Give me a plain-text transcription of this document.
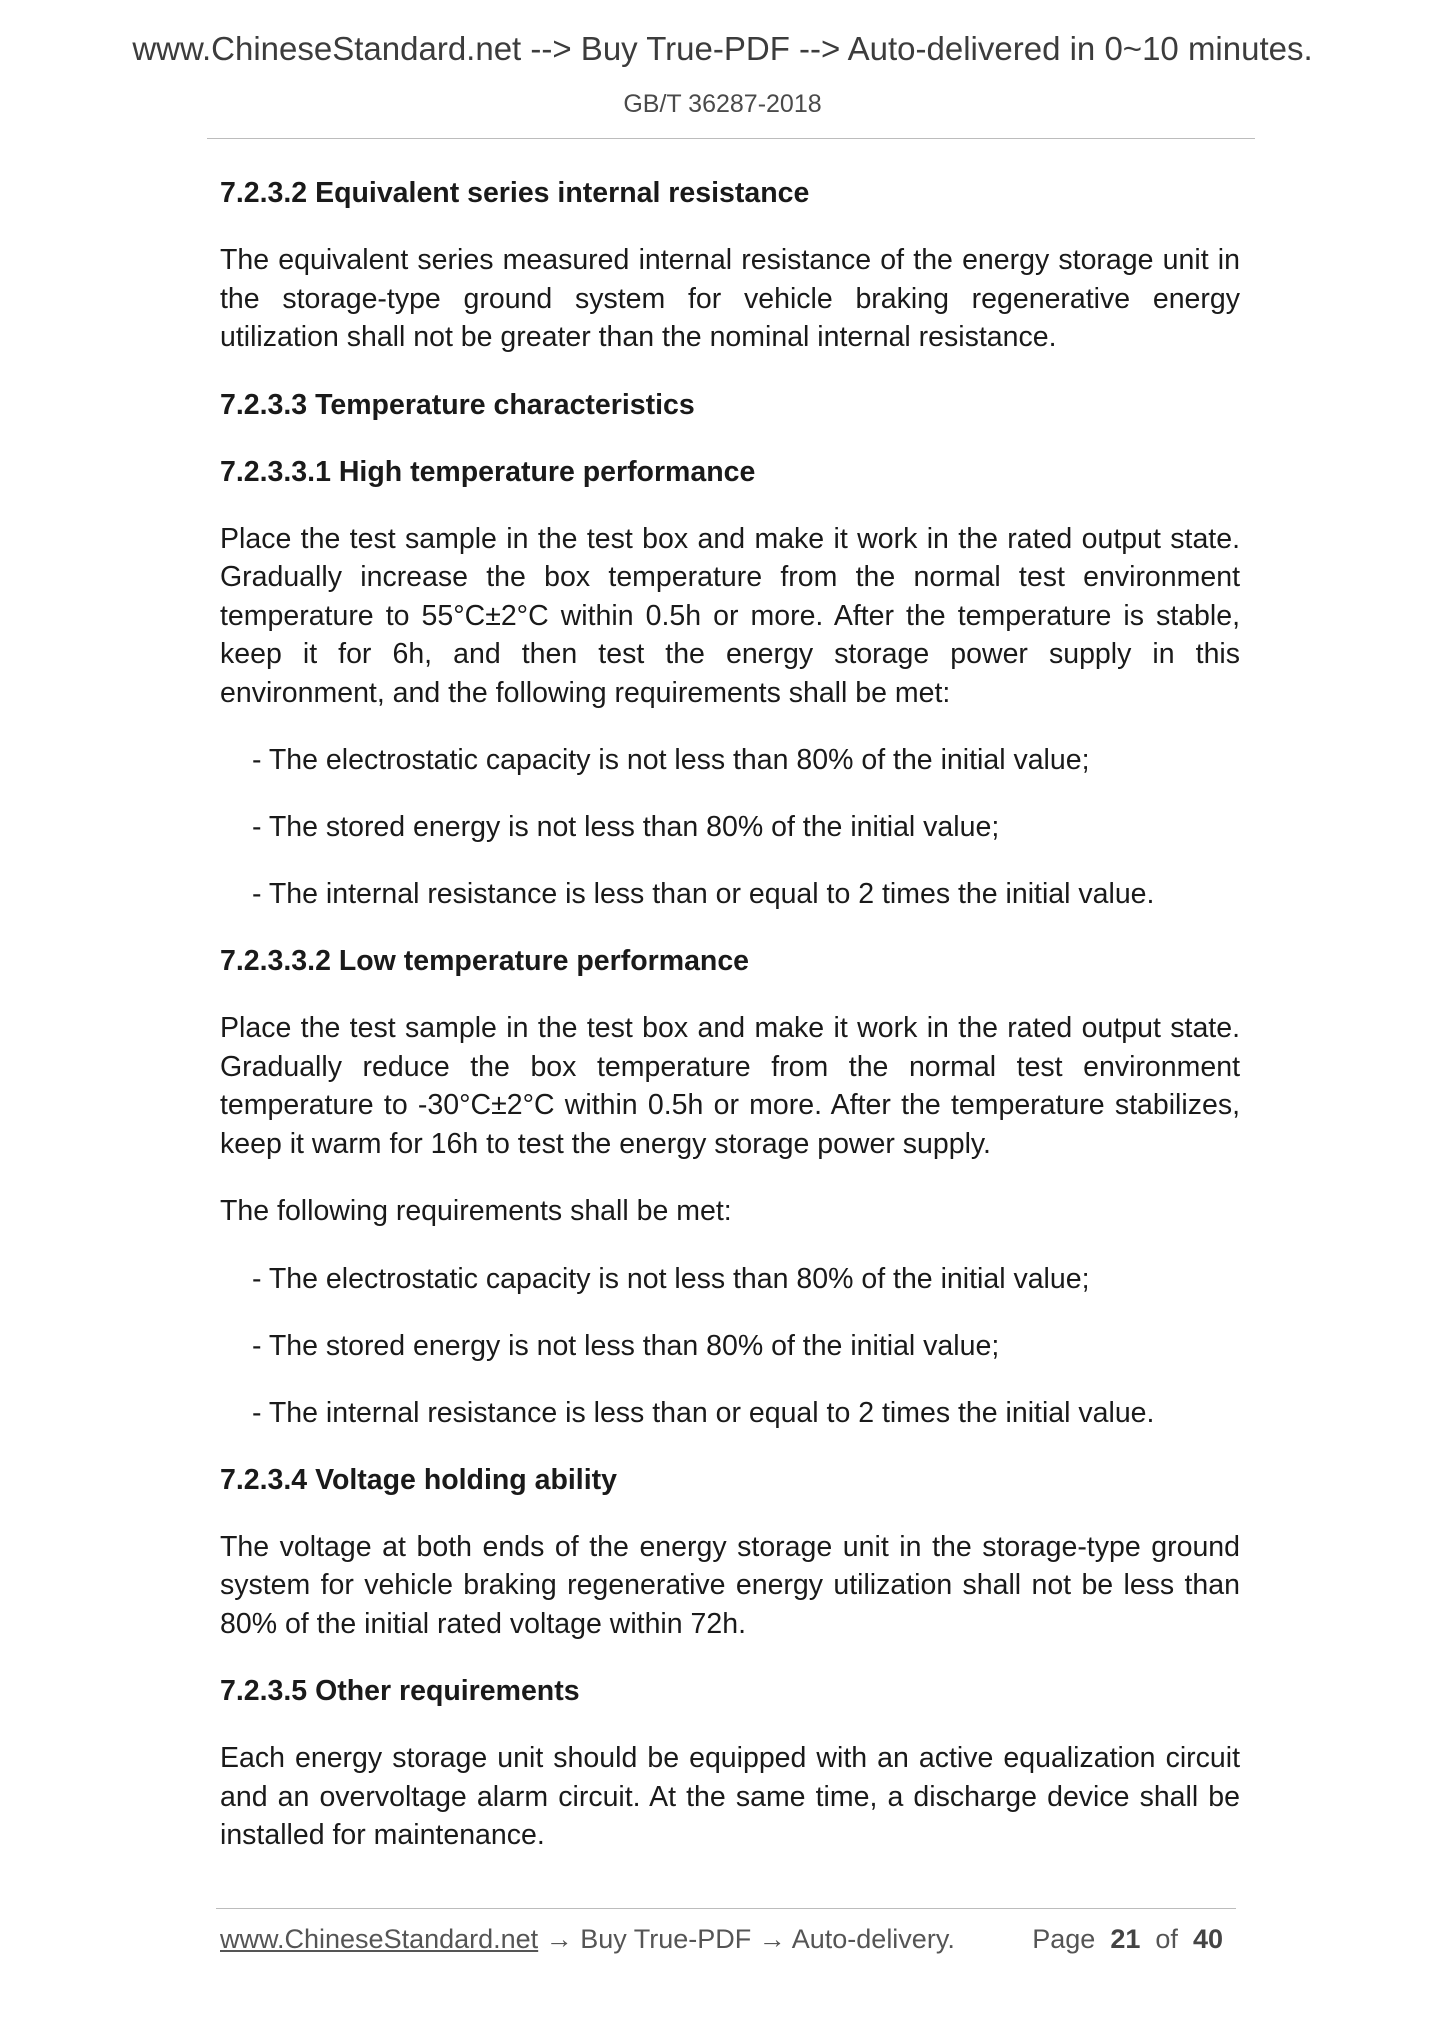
www.ChineseStandard.net --> Buy True-PDF --> Auto-delivered in 0~10 minutes.
GB/T 36287-2018
7.2.3.2 Equivalent series internal resistance
The equivalent series measured internal resistance of the energy storage unit in the storage-type ground system for vehicle braking regenerative energy utilization shall not be greater than the nominal internal resistance.
7.2.3.3 Temperature characteristics
7.2.3.3.1 High temperature performance
Place the test sample in the test box and make it work in the rated output state. Gradually increase the box temperature from the normal test environment temperature to 55°C±2°C within 0.5h or more. After the temperature is stable, keep it for 6h, and then test the energy storage power supply in this environment, and the following requirements shall be met:
- The electrostatic capacity is not less than 80% of the initial value;
- The stored energy is not less than 80% of the initial value;
- The internal resistance is less than or equal to 2 times the initial value.
7.2.3.3.2 Low temperature performance
Place the test sample in the test box and make it work in the rated output state. Gradually reduce the box temperature from the normal test environment temperature to -30°C±2°C within 0.5h or more. After the temperature stabilizes, keep it warm for 16h to test the energy storage power supply.
The following requirements shall be met:
- The electrostatic capacity is not less than 80% of the initial value;
- The stored energy is not less than 80% of the initial value;
- The internal resistance is less than or equal to 2 times the initial value.
7.2.3.4 Voltage holding ability
The voltage at both ends of the energy storage unit in the storage-type ground system for vehicle braking regenerative energy utilization shall not be less than 80% of the initial rated voltage within 72h.
7.2.3.5 Other requirements
Each energy storage unit should be equipped with an active equalization circuit and an overvoltage alarm circuit. At the same time, a discharge device shall be installed for maintenance.
www.ChineseStandard.net → Buy True-PDF → Auto-delivery.	Page 21 of 40
